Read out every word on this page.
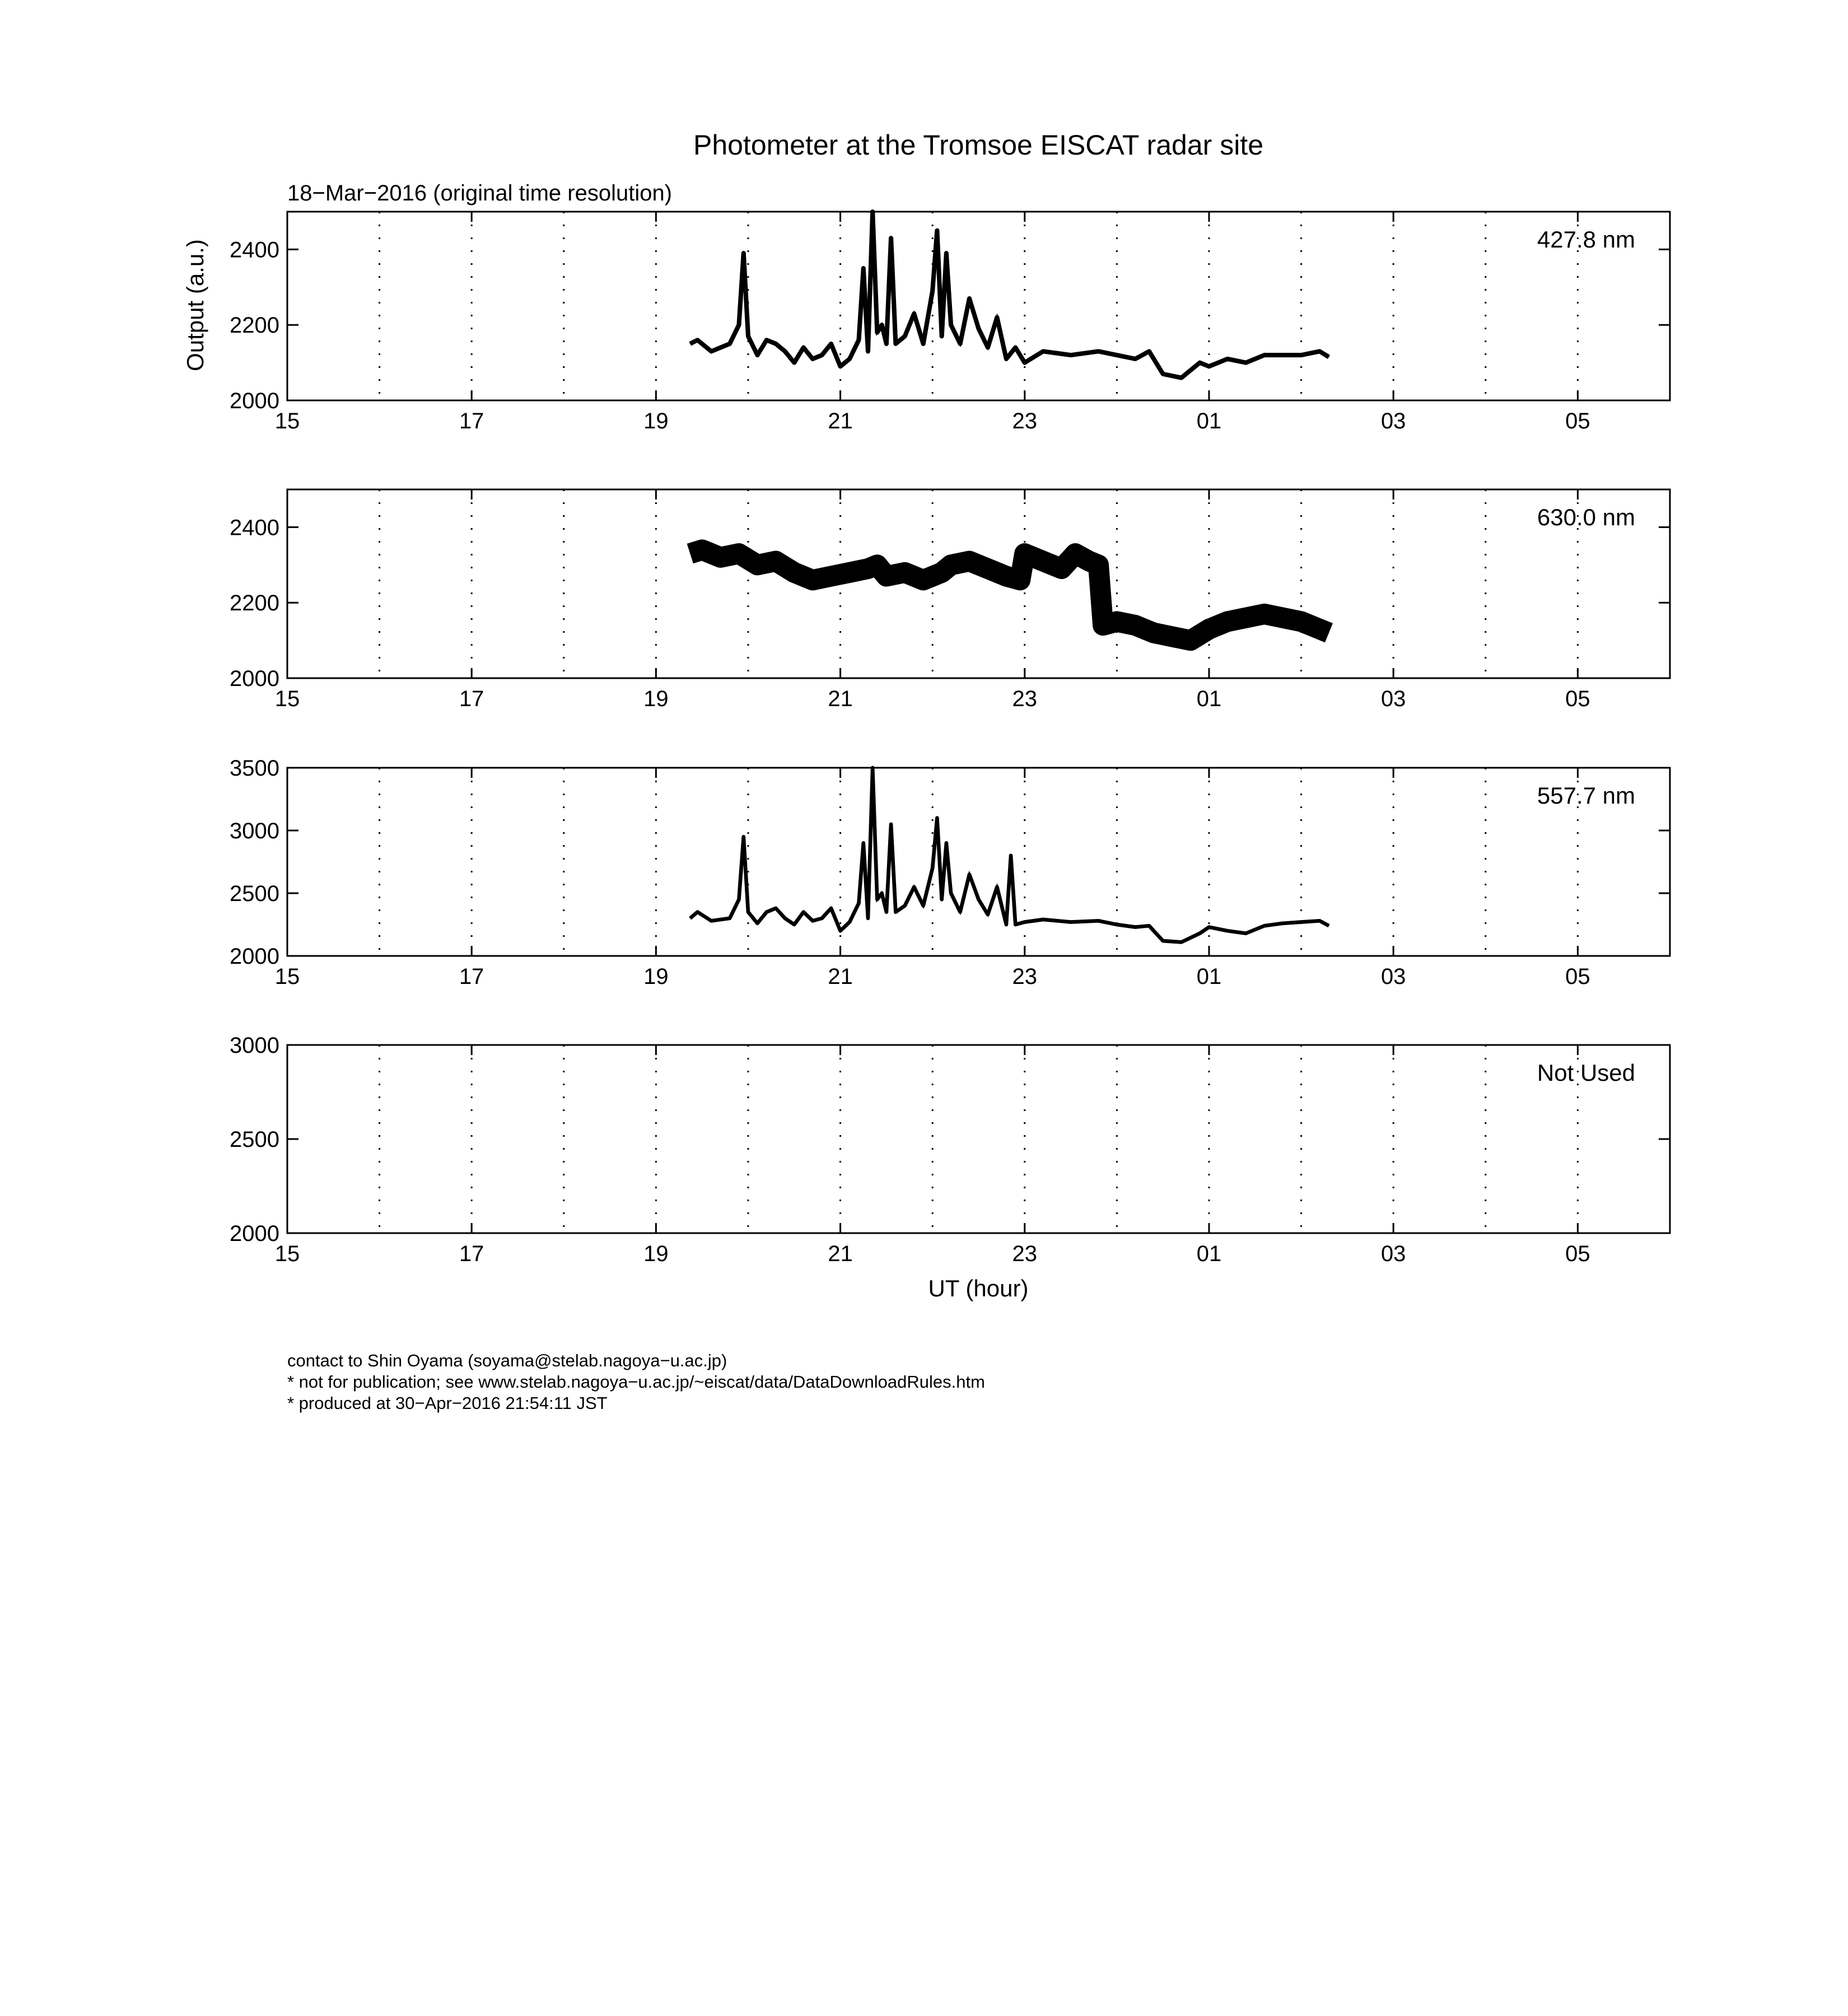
Photometer at the Tromsoe EISCAT radar site
18−Mar−2016 (original time resolution)
Output (a.u.)
15	17	19	21	23	01	03	05
2000
2200
2400	427.8 nm
15	17	19	21	23	01	03	05
2000
2200
2400	630.0 nm
15	17	19	21	23	01	03	05
2000
2500
3000
3500
557.7 nm
15	17	19	21	23	01	03	05
2000
2500
3000
Not Used
UT (hour)
contact to Shin Oyama (soyama@stelab.nagoya−u.ac.jp)
* not for publication; see www.stelab.nagoya−u.ac.jp/~eiscat/data/DataDownloadRules.htm
* produced at 30−Apr−2016 21:54:11 JST
